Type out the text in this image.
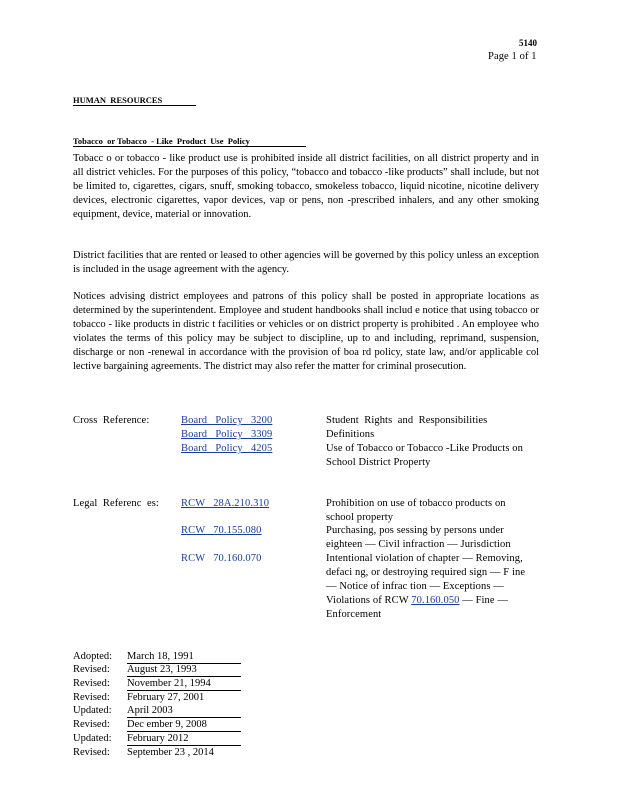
5140
Page 1 of 1
HUMAN  RESOURCES
Tobacco  or Tobacco  - Like  Product  Use  Policy
Tobacc o or tobacco - like product use is prohibited inside all district facilities, on all district property and in all district vehicles. For the purposes of this policy, “tobacco and tobacco -like products” shall include, but not be limited to, cigarettes, cigars, snuff, smoking tobacco, smokeless tobacco, liquid nicotine, nicotine delivery devices, electronic cigarettes, vapor devices, vap or pens, non -prescribed inhalers, and any other smoking equipment, device, material or innovation.
District facilities that are rented or leased to other agencies will be governed by this policy unless an exception is included in the usage agreement with the agency.
Notices advising district employees and patrons of this policy shall be posted in appropriate locations as determined by the superintendent. Employee and student handbooks shall includ e notice that using tobacco or tobacco - like products in distric t facilities or vehicles or on district property is prohibited . An employee who violates the terms of this policy may be subject to discipline, up to and including, reprimand, suspension, discharge or non -renewal in accordance with the provision of boa rd policy, state law, and/or applicable col lective bargaining agreements. The district may also refer the matter for criminal prosecution.
Cross  Reference:	Board   Policy   3200	Student  Rights  and  Responsibilities
Board   Policy   3309	Definitions
Board   Policy   4205	Use of Tobacco or Tobacco -Like Products on School District Property
Legal  Referenc  es: RCW   28A.210.310	Prohibition on use of tobacco products on school property
RCW   70.155.080	Purchasing, pos sessing by persons under eighteen — Civil infraction — Jurisdiction
RCW   70.160.070	Intentional violation of chapter — Removing, defaci ng, or destroying required sign — F ine — Notice of infrac tion — Exceptions — Violations of RCW 70.160.050 — Fine — Enforcement
Adopted: March 18, 1991
Revised: August 23, 1993
Revised: November 21, 1994
Revised: February 27, 2001
Updated: April 2003
Revised: Dec ember 9, 2008
Updated: February 2012
Revised: September 23 , 2014
